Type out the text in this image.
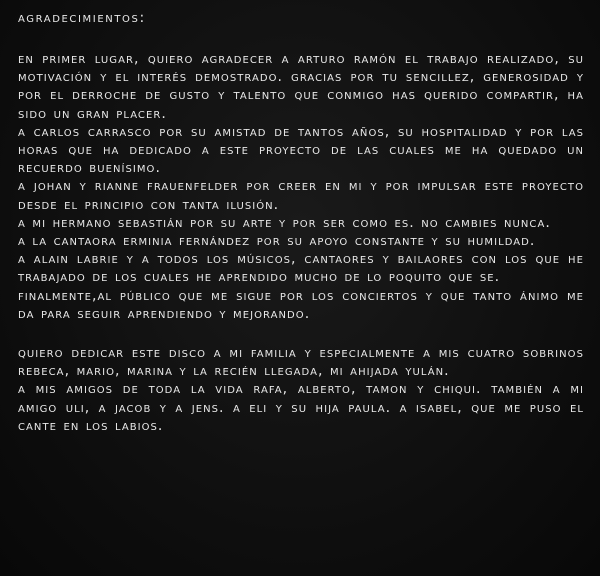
agradecimientos:

en primer lugar, quiero agradecer a arturo ramón el trabajo realizado, su motivación y el interés demostrado. gracias por tu sencillez, generosidad y por el derroche de gusto y talento que conmigo has querido compartir, ha sido un gran placer.

a carlos carrasco por su amistad de tantos años, su hospitalidad y por las horas que ha dedicado a este proyecto de las cuales me ha quedado un recuerdo buenísimo.

a johan y rianne frauenfelder por creer en mi y por impulsar este proyecto desde el principio con tanta ilusión.

a mi hermano sebastián por su arte y por ser como es. no cambies nunca.

a la cantaora erminia fernández por su apoyo constante y su humildad.

a alain labrie y a todos los músicos, cantaores y bailaores con los que he trabajado de los cuales he aprendido mucho de lo poquito que se.

finalmente,al público que me sigue por los conciertos y que tanto ánimo me da para seguir aprendiendo y mejorando.

quiero dedicar este disco a mi familia y especialmente a mis cuatro sobrinos rebeca, mario, marina y la recién llegada, mi ahijada yulán.

a mis amigos de toda la vida rafa, alberto, tamon y chiqui. también a mi amigo uli, a jacob y a jens. a eli y su hija paula. a isabel, que me puso el cante en los labios.
